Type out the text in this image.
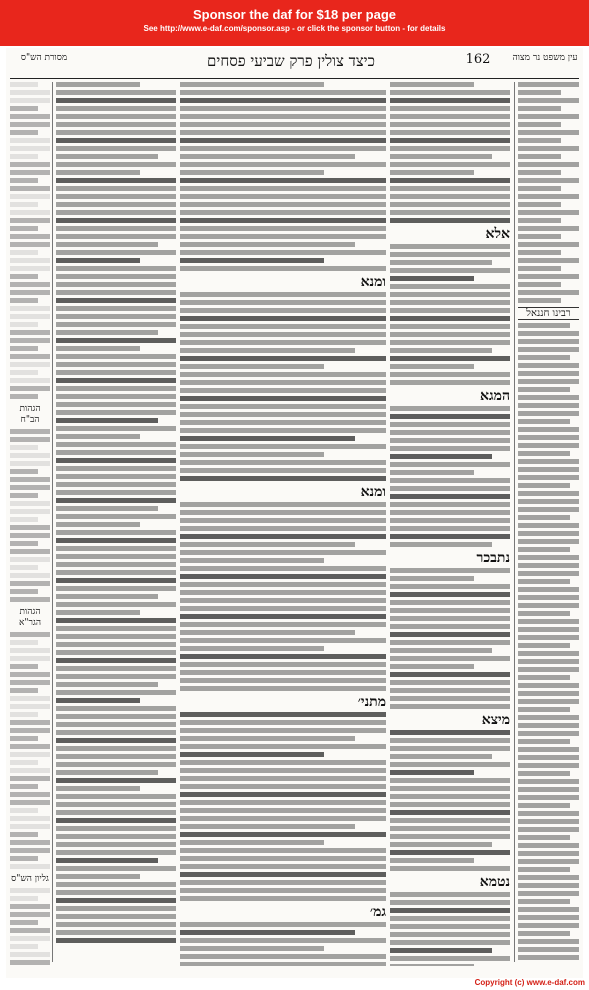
Sponsor the daf for $18 per page
See http://www.e-daf.com/sponsor.asp - or click the sponsor button - for details
מסורת הש"ס	כיצד צולין פרק שביעי פסחים	162	עין משפט נר מצוה
הגהות הב"ח
הגהות הגר"א
גליון הש"ס
ומנא
ומנא
מתני׳
גמ׳
אלא
המגא
נתבכר
מיצא
נטמא
רבינו חננאל
Copyright (c) www.e-daf.com
